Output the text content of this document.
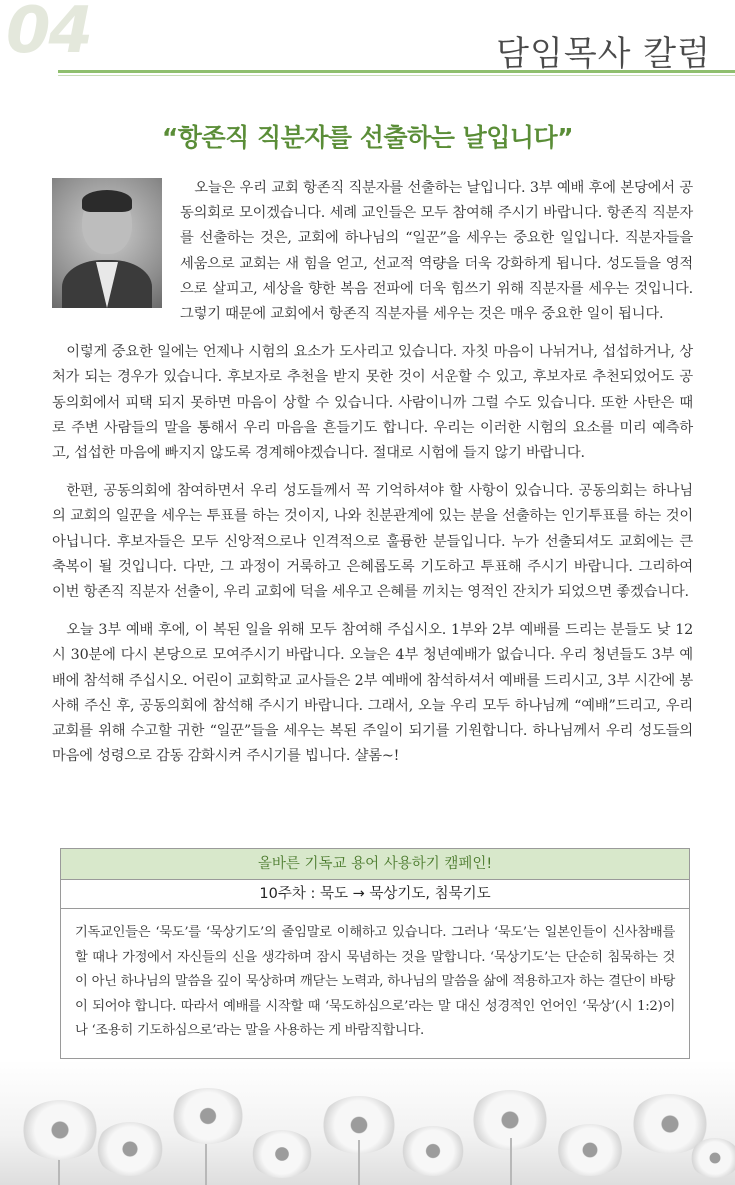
04	담임목사 칼럼
“항존직 직분자를 선출하는 날입니다”

오늘은 우리 교회 항존직 직분자를 선출하는 날입니다. 3부 예배 후에 본당에서 공동의회로 모이겠습니다. 세례 교인들은 모두 참여해 주시기 바랍니다. 항존직 직분자를 선출하는 것은, 교회에 하나님의 “일꾼”을 세우는 중요한 일입니다. 직분자들을 세움으로 교회는 새 힘을 얻고, 선교적 역량을 더욱 강화하게 됩니다. 성도들을 영적으로 살피고, 세상을 향한 복음 전파에 더욱 힘쓰기 위해 직분자를 세우는 것입니다. 그렇기 때문에 교회에서 항존직 직분자를 세우는 것은 매우 중요한 일이 됩니다.

이렇게 중요한 일에는 언제나 시험의 요소가 도사리고 있습니다. 자칫 마음이 나뉘거나, 섭섭하거나, 상처가 되는 경우가 있습니다. 후보자로 추천을 받지 못한 것이 서운할 수 있고, 후보자로 추천되었어도 공동의회에서 피택 되지 못하면 마음이 상할 수 있습니다. 사람이니까 그럴 수도 있습니다. 또한 사탄은 때로 주변 사람들의 말을 통해서 우리 마음을 흔들기도 합니다. 우리는 이러한 시험의 요소를 미리 예측하고, 섭섭한 마음에 빠지지 않도록 경계해야겠습니다. 절대로 시험에 들지 않기 바랍니다.

한편, 공동의회에 참여하면서 우리 성도들께서 꼭 기억하셔야 할 사항이 있습니다. 공동의회는 하나님의 교회의 일꾼을 세우는 투표를 하는 것이지, 나와 친분관계에 있는 분을 선출하는 인기투표를 하는 것이 아닙니다. 후보자들은 모두 신앙적으로나 인격적으로 훌륭한 분들입니다. 누가 선출되셔도 교회에는 큰 축복이 될 것입니다. 다만, 그 과정이 거룩하고 은혜롭도록 기도하고 투표해 주시기 바랍니다. 그리하여 이번 항존직 직분자 선출이, 우리 교회에 덕을 세우고 은혜를 끼치는 영적인 잔치가 되었으면 좋겠습니다.

오늘 3부 예배 후에, 이 복된 일을 위해 모두 참여해 주십시오. 1부와 2부 예배를 드리는 분들도 낮 12시 30분에 다시 본당으로 모여주시기 바랍니다. 오늘은 4부 청년예배가 없습니다. 우리 청년들도 3부 예배에 참석해 주십시오. 어린이 교회학교 교사들은 2부 예배에 참석하셔서 예배를 드리시고, 3부 시간에 봉사해 주신 후, 공동의회에 참석해 주시기 바랍니다. 그래서, 오늘 우리 모두 하나님께 “예배”드리고, 우리 교회를 위해 수고할 귀한 “일꾼”들을 세우는 복된 주일이 되기를 기원합니다. 하나님께서 우리 성도들의 마음에 성령으로 감동 감화시켜 주시기를 빕니다. 샬롬~!

올바른 기독교 용어 사용하기 캠페인!
10주차 : 묵도 → 묵상기도, 침묵기도
기독교인들은 ‘묵도’를 ‘묵상기도’의 줄임말로 이해하고 있습니다. 그러나 ‘묵도’는 일본인들이 신사참배를 할 때나 가정에서 자신들의 신을 생각하며 잠시 묵념하는 것을 말합니다. ‘묵상기도’는 단순히 침묵하는 것이 아닌 하나님의 말씀을 깊이 묵상하며 깨닫는 노력과, 하나님의 말씀을 삶에 적용하고자 하는 결단이 바탕이 되어야 합니다. 따라서 예배를 시작할 때 ‘묵도하심으로’라는 말 대신 성경적인 언어인 ‘묵상’(시 1:2)이나 ‘조용히 기도하심으로’라는 말을 사용하는 게 바람직합니다.
